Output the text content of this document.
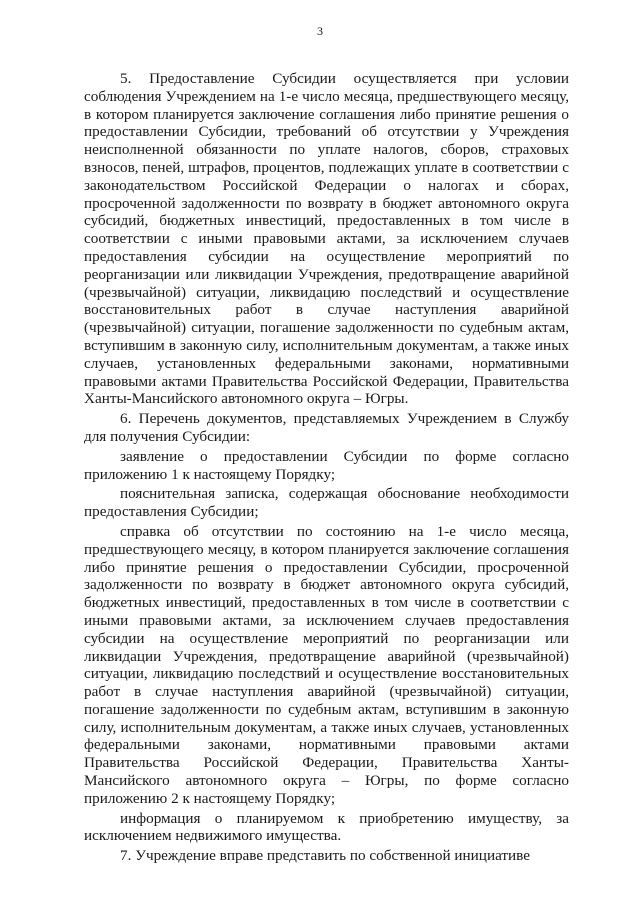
3

5. Предоставление Субсидии осуществляется при условии соблюдения Учреждением на 1-е число месяца, предшествующего месяцу, в котором планируется заключение соглашения либо принятие решения о предоставлении Субсидии, требований об отсутствии у Учреждения неисполненной обязанности по уплате налогов, сборов, страховых взносов, пеней, штрафов, процентов, подлежащих уплате в соответствии с законодательством Российской Федерации о налогах и сборах, просроченной задолженности по возврату в бюджет автономного округа субсидий, бюджетных инвестиций, предоставленных в том числе в соответствии с иными правовыми актами, за исключением случаев предоставления субсидии на осуществление мероприятий по реорганизации или ликвидации Учреждения, предотвращение аварийной (чрезвычайной) ситуации, ликвидацию последствий и осуществление восстановительных работ в случае наступления аварийной (чрезвычайной) ситуации, погашение задолженности по судебным актам, вступившим в законную силу, исполнительным документам, а также иных случаев, установленных федеральными законами, нормативными правовыми актами Правительства Российской Федерации, Правительства Ханты-Мансийского автономного округа – Югры.

6. Перечень документов, представляемых Учреждением в Службу для получения Субсидии:

заявление о предоставлении Субсидии по форме согласно приложению 1 к настоящему Порядку;

пояснительная записка, содержащая обоснование необходимости предоставления Субсидии;

справка об отсутствии по состоянию на 1-е число месяца, предшествующего месяцу, в котором планируется заключение соглашения либо принятие решения о предоставлении Субсидии, просроченной задолженности по возврату в бюджет автономного округа субсидий, бюджетных инвестиций, предоставленных в том числе в соответствии с иными правовыми актами, за исключением случаев предоставления субсидии на осуществление мероприятий по реорганизации или ликвидации Учреждения, предотвращение аварийной (чрезвычайной) ситуации, ликвидацию последствий и осуществление восстановительных работ в случае наступления аварийной (чрезвычайной) ситуации, погашение задолженности по судебным актам, вступившим в законную силу, исполнительным документам, а также иных случаев, установленных федеральными законами, нормативными правовыми актами Правительства Российской Федерации, Правительства Ханты-Мансийского автономного округа – Югры, по форме согласно приложению 2 к настоящему Порядку;

информация о планируемом к приобретению имуществу, за исключением недвижимого имущества.

7. Учреждение вправе представить по собственной инициативе
